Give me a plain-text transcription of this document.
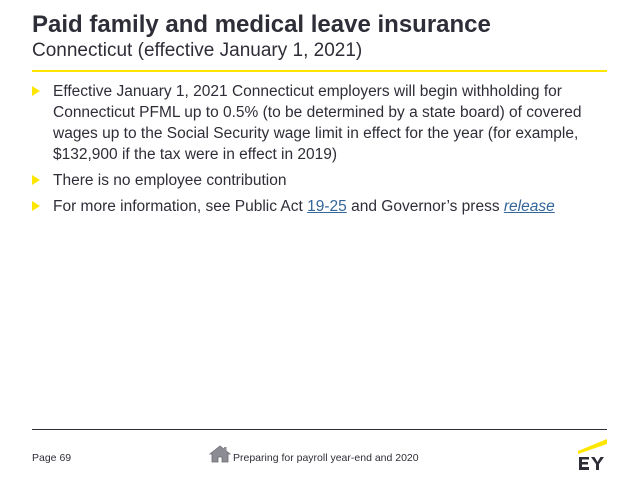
Paid family and medical leave insurance
Connecticut (effective January 1, 2021)
Effective January 1, 2021 Connecticut employers will begin withholding for Connecticut PFML up to 0.5% (to be determined by a state board) of covered wages up to the Social Security wage limit in effect for the year (for example, $132,900 if the tax were in effect in 2019)
There is no employee contribution
For more information, see Public Act 19-25 and Governor’s press release
Page 69	Preparing for payroll year-end and 2020
